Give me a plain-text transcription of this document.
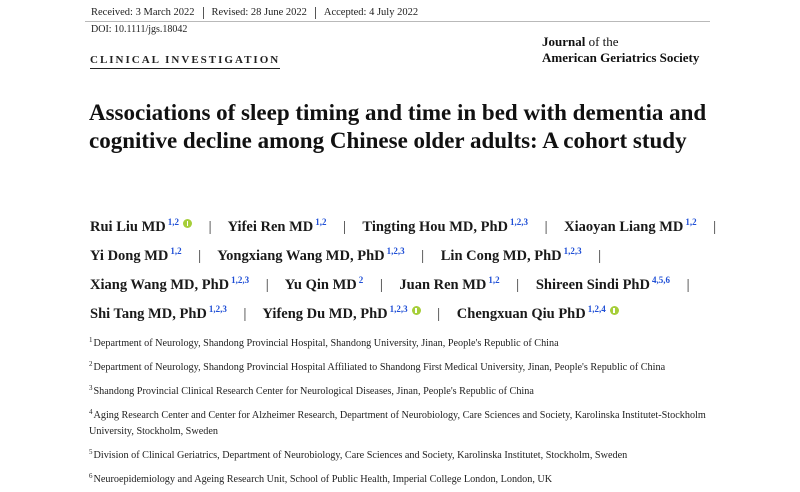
Received: 3 March 2022 Revised: 28 June 2022 Accepted: 4 July 2022
DOI: 10.1111/jgs.18042
Journal of the
American Geriatrics Society
CLINICAL INVESTIGATION
Associations of sleep timing and time in bed with dementia and cognitive decline among Chinese older adults: A cohort study
Rui Liu MD $^{1,2}$ | Yifei Ren MD $^{1,2}$ | Tingting Hou MD, PhD $^{1,2,3}$ | Xiaoyan Liang MD $^{1,2}$ | Yi Dong MD $^{1,2}$ | Yongxiang Wang MD, PhD $^{1,2,3}$ | Lin Cong MD, PhD $^{1,2,3}$ | Xiang Wang MD, PhD $^{1,2,3}$ | Yu Qin MD $^2$ | Juan Ren MD $^{1,2}$ | Shireen Sindi PhD $^{4,5,6}$ | Shi Tang MD, PhD $^{1,2,3}$ | Yifeng Du MD, PhD $^{1,2,3}$ | Chengxuan Qiu PhD $^{1,2,4}$
$^1$Department of Neurology, Shandong Provincial Hospital, Shandong University, Jinan, People's Republic of China
$^2$Department of Neurology, Shandong Provincial Hospital Affiliated to Shandong First Medical University, Jinan, People's Republic of China
$^3$Shandong Provincial Clinical Research Center for Neurological Diseases, Jinan, People's Republic of China
$^4$Aging Research Center and Center for Alzheimer Research, Department of Neurobiology, Care Sciences and Society, Karolinska Institutet-Stockholm University, Stockholm, Sweden
$^5$Division of Clinical Geriatrics, Department of Neurobiology, Care Sciences and Society, Karolinska Institutet, Stockholm, Sweden
$^6$Neuroepidemiology and Ageing Research Unit, School of Public Health, Imperial College London, London, UK
